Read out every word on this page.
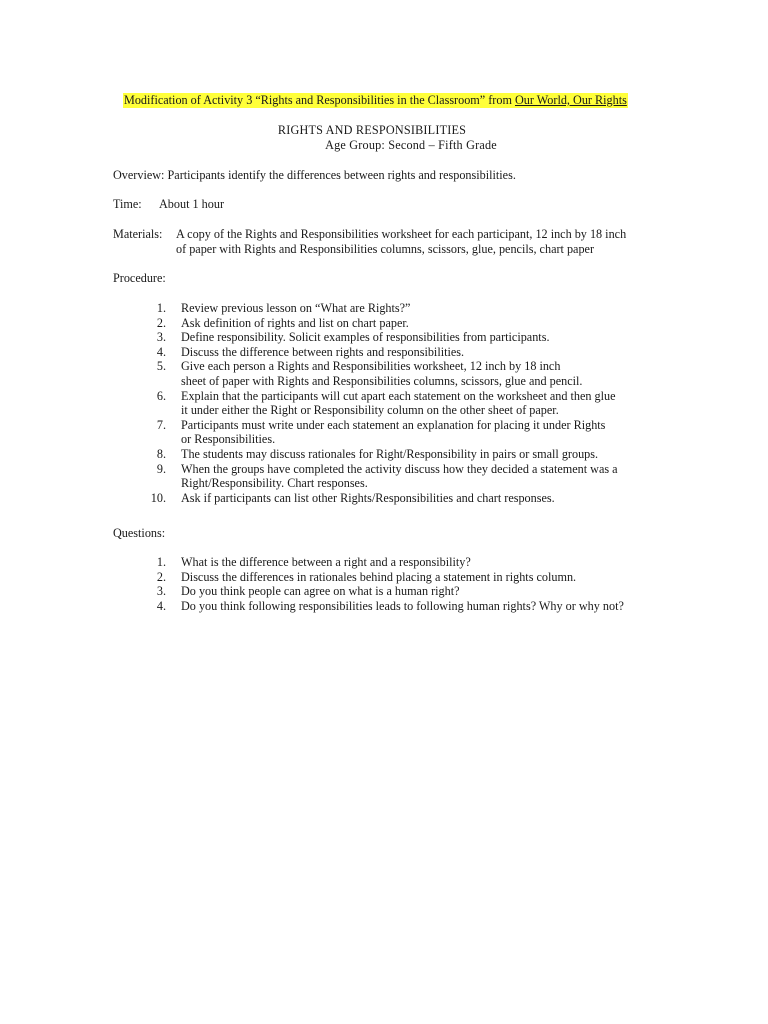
Modification of Activity 3 “Rights and Responsibilities in the Classroom” from Our World, Our Rights
RIGHTS AND RESPONSIBILITIES
Age Group: Second – Fifth Grade
Overview: Participants identify the differences between rights and responsibilities.
Time: About 1 hour
Materials: A copy of the Rights and Responsibilities worksheet for each participant, 12 inch by 18 inch
of paper with Rights and Responsibilities columns, scissors, glue, pencils, chart paper
Procedure:
1. Review previous lesson on “What are Rights?”
2. Ask definition of rights and list on chart paper.
3. Define responsibility. Solicit examples of responsibilities from participants.
4. Discuss the difference between rights and responsibilities.
5. Give each person a Rights and Responsibilities worksheet, 12 inch by 18 inch
sheet of paper with Rights and Responsibilities columns, scissors, glue and pencil.
6. Explain that the participants will cut apart each statement on the worksheet and then glue
it under either the Right or Responsibility column on the other sheet of paper.
7. Participants must write under each statement an explanation for placing it under Rights
or Responsibilities.
8. The students may discuss rationales for Right/Responsibility in pairs or small groups.
9. When the groups have completed the activity discuss how they decided a statement was a
Right/Responsibility. Chart responses.
10. Ask if participants can list other Rights/Responsibilities and chart responses.
Questions:
1. What is the difference between a right and a responsibility?
2. Discuss the differences in rationales behind placing a statement in rights column.
3. Do you think people can agree on what is a human right?
4. Do you think following responsibilities leads to following human rights? Why or why not?
